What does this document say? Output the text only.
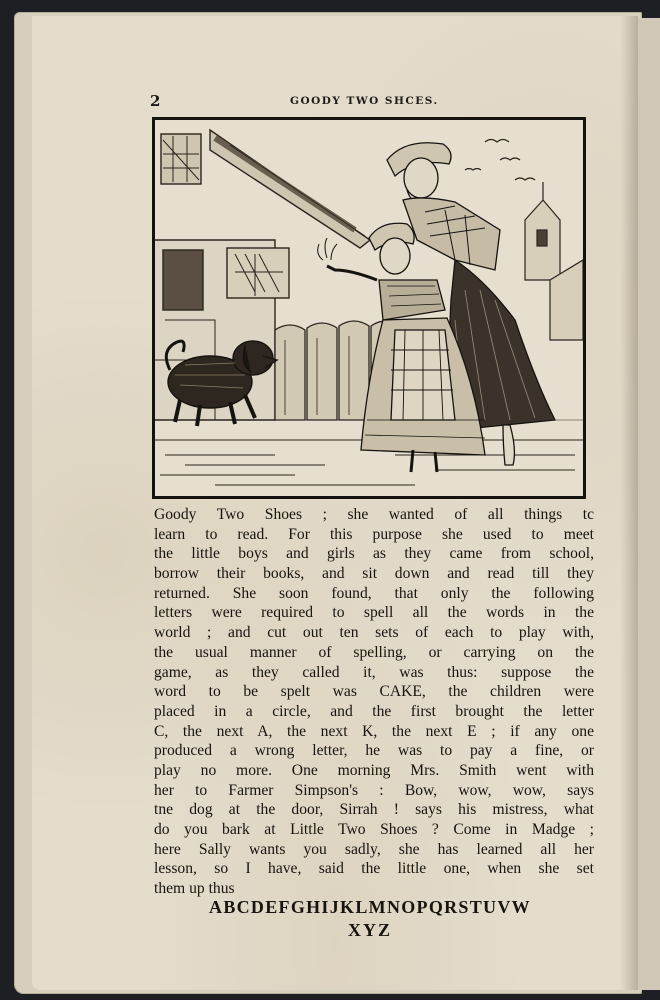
2	GOODY TWO SHCES.
Goody Two Shoes ; she wanted of all things tc
learn to read. For this purpose she used to meet
the little boys and girls as they came from school,
borrow their books, and sit down and read till they
returned. She soon found, that only the following
letters were required to spell all the words in the
world ; and cut out ten sets of each to play with,
the usual manner of spelling, or carrying on the
game, as they called it, was thus: suppose the
word to be spelt was CAKE, the children were
placed in a circle, and the first brought the letter
C, the next A, the next K, the next E ; if any one
produced a wrong letter, he was to pay a fine, or
play no more. One morning Mrs. Smith went with
her to Farmer Simpson's : Bow, wow, wow, says
tne dog at the door, Sirrah ! says his mistress, what
do you bark at Little Two Shoes ? Come in Madge ;
here Sally wants you sadly, she has learned all her
lesson, so I have, said the little one, when she set
them up thus
ABCDEFGHIJKLMNOPQRSTUVW
XYZ
